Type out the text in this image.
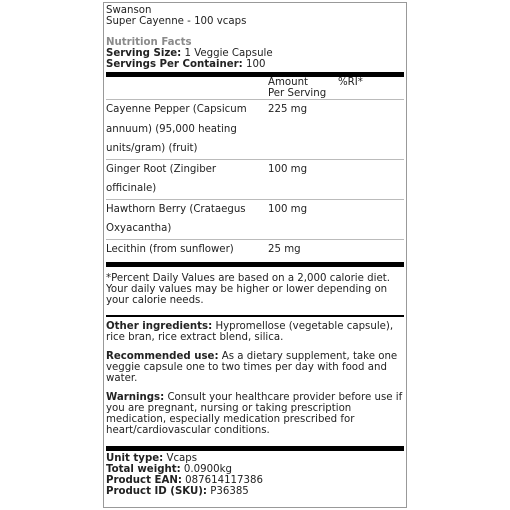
Swanson
Super Cayenne - 100 vcaps
Nutrition Facts
Serving Size: 1 Veggie Capsule
Servings Per Container: 100

	Amount
Per Serving	%RI*

Cayenne Pepper (Capsicum
annuum) (95,000 heating
units/gram) (fruit)	225 mg	

Ginger Root (Zingiber
officinale)	100 mg	

Hawthorn Berry (Crataegus
Oxyacantha)	100 mg	
Lecithin (from sunflower)	25 mg	
*Percent Daily Values are based on a 2,000 calorie diet.
Your daily values may be higher or lower depending on
your calorie needs.
Other ingredients: Hypromellose (vegetable capsule),
rice bran, rice extract blend, silica.
Recommended use: As a dietary supplement, take one
veggie capsule one to two times per day with food and
water.
Warnings: Consult your healthcare provider before use if
you are pregnant, nursing or taking prescription
medication, especially medication prescribed for
heart/cardiovascular conditions.
Unit type: Vcaps
Total weight: 0.0900kg
Product EAN: 087614117386
Product ID (SKU): P36385
